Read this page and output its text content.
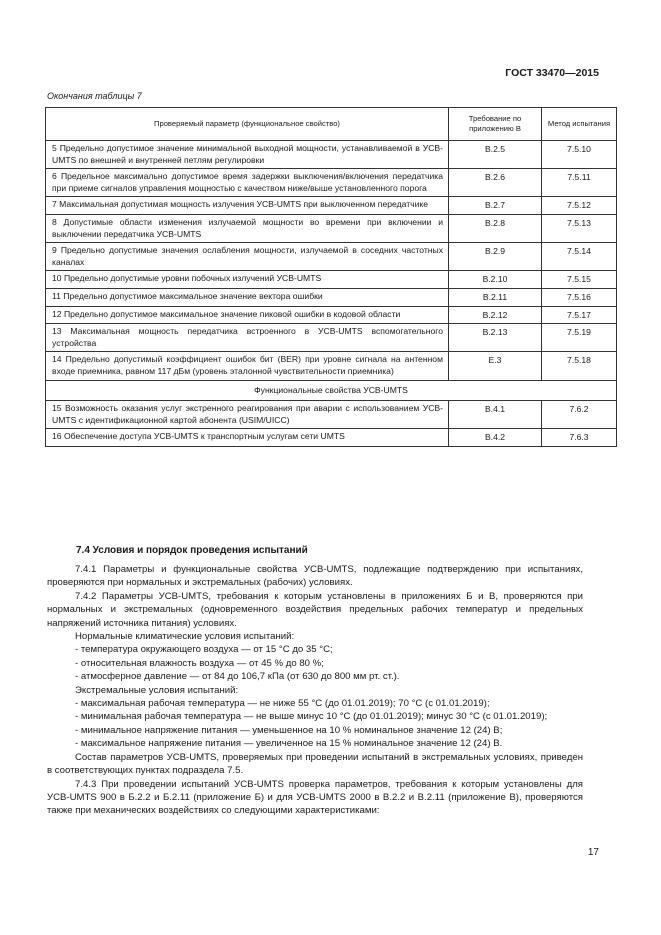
ГОСТ 33470—2015
Окончания таблицы 7
Проверяемый параметр (функциональное свойство)	Требование по приложению В	Метод испытания
5 Предельно допустимое значение минимальной выходной мощности, устанавливаемой в УСВ-UMTS по внешней и внутренней петлям регулировки	B.2.5	7.5.10
6 Предельное максимально допустимое время задержки выключения/включения передатчика при приеме сигналов управления мощностью с качеством ниже/выше установленного порога	B.2.6	7.5.11
7 Максимальная допустимая мощность излучения УСВ-UMTS при выключенном передатчике	B.2.7	7.5.12
8 Допустимые области изменения излучаемой мощности во времени при включении и выключении передатчика УСВ-UMTS	B.2.8	7.5.13
9 Предельно допустимые значения ослабления мощности, излучаемой в соседних частотных каналах	B.2.9	7.5.14
10 Предельно допустимые уровни побочных излучений УСВ-UMTS	B.2.10	7.5.15
11 Предельно допустимое максимальное значение вектора ошибки	B.2.11	7.5.16
12 Предельно допустимое максимальное значение пиковой ошибки в кодовой области	B.2.12	7.5.17
13 Максимальная мощность передатчика встроенного в УСВ-UMTS вспомогательного устройства	B.2.13	7.5.19
14 Предельно допустимый коэффициент ошибок бит (BER) при уровне сигнала на антенном входе приемника, равном 117 дБм (уровень эталонной чувствительности приемника)	E.3	7.5.18
Функциональные свойства УСВ-UMTS		
15 Возможность оказания услуг экстренного реагирования при аварии с использованием УСВ-UMTS с идентификационной картой абонента (USIM/UICC)	B.4.1	7.6.2
16 Обеспечение доступа УСВ-UMTS к транспортным услугам сети UMTS	B.4.2	7.6.3
7.4 Условия и порядок проведения испытаний

7.4.1 Параметры и функциональные свойства УСВ-UMTS, подлежащие подтверждению при испытаниях, проверяются при нормальных и экстремальных (рабочих) условиях.

7.4.2 Параметры УСВ-UMTS, требования к которым установлены в приложениях Б и В, проверяются при нормальных и экстремальных (одновременного воздействия предельных рабочих температур и предельных напряжений источника питания) условиях.

Нормальные климатические условия испытаний:

- температура окружающего воздуха — от 15 °С до 35 °С;

- относительная влажность воздуха — от 45 % до 80 %;

- атмосферное давление — от 84 до 106,7 кПа (от 630 до 800 мм рт. ст.).

Экстремальные условия испытаний:

- максимальная рабочая температура — не ниже 55 °С (до 01.01.2019); 70 °С (с 01.01.2019);

- минимальная рабочая температура — не выше минус 10 °С (до 01.01.2019); минус 30 °С (с 01.01.2019);

- минимальное напряжение питания — уменьшенное на 10 % номинальное значение 12 (24) В;

- максимальное напряжение питания — увеличенное на 15 % номинальное значение 12 (24) В.

Состав параметров УСВ-UMTS, проверяемых при проведении испытаний в экстремальных условиях, приведен в соответствующих пунктах подраздела 7.5.

7.4.3 При проведении испытаний УСВ-UMTS проверка параметров, требования к которым установлены для УСВ-UMTS 900 в Б.2.2 и Б.2.11 (приложение Б) и для УСВ-UMTS 2000 в В.2.2 и В.2.11 (приложение В), проверяются также при механических воздействиях со следующими характеристиками:

17
